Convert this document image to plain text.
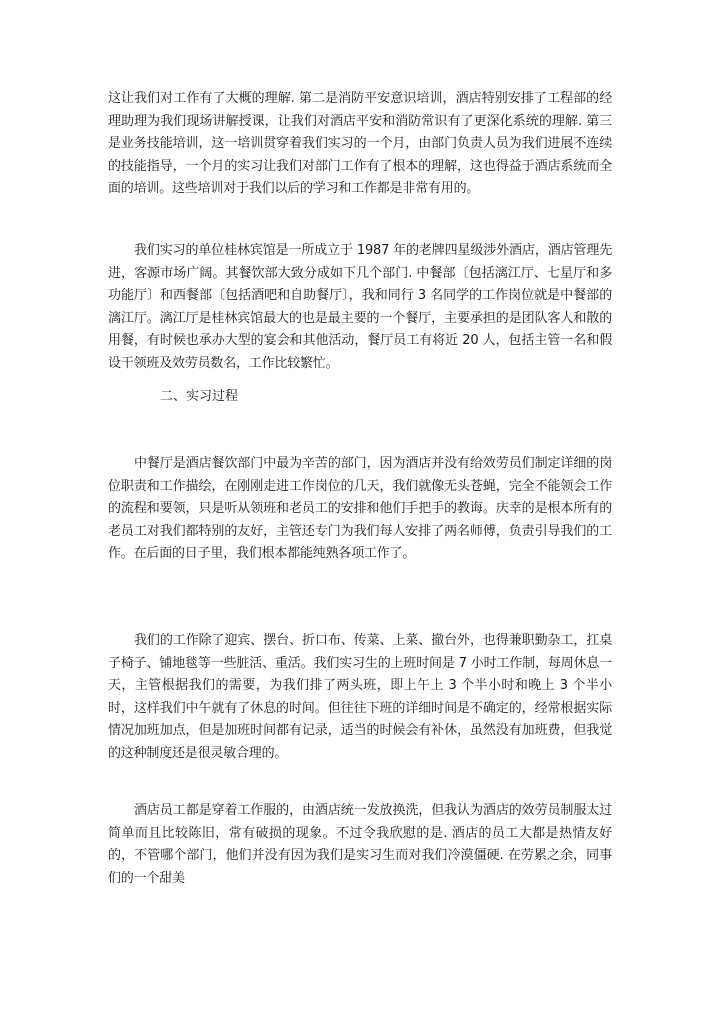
这让我们对工作有了大概的理解. 第二是消防平安意识培训，酒店特别安排了工程部的经理助理为我们现场讲解授课，让我们对酒店平安和消防常识有了更深化系统的理解. 第三是业务技能培训，这一培训贯穿着我们实习的一个月，由部门负责人员为我们进展不连续的技能指导，一个月的实习让我们对部门工作有了根本的理解，这也得益于酒店系统而全面的培训。这些培训对于我们以后的学习和工作都是非常有用的。

我们实习的单位桂林宾馆是一所成立于 1987 年的老牌四星级涉外酒店，酒店管理先进，客源市场广阔。其餐饮部大致分成如下几个部门. 中餐部〔包括漓江厅、七星厅和多功能厅〕和西餐部〔包括酒吧和自助餐厅〕，我和同行 3 名同学的工作岗位就是中餐部的漓江厅。漓江厅是桂林宾馆最大的也是最主要的一个餐厅，主要承担的是团队客人和散的用餐，有时候也承办大型的宴会和其他活动，餐厅员工有将近 20 人，包括主管一名和假设干领班及效劳员数名，工作比较繁忙。

二、实习过程

中餐厅是酒店餐饮部门中最为辛苦的部门，因为酒店并没有给效劳员们制定详细的岗位职责和工作描绘，在刚刚走进工作岗位的几天，我们就像无头苍蝇，完全不能领会工作的流程和要领，只是听从领班和老员工的安排和他们手把手的教诲。庆幸的是根本所有的老员工对我们都特别的友好，主管还专门为我们每人安排了两名师傅，负责引导我们的工作。在后面的日子里，我们根本都能纯熟各项工作了。

我们的工作除了迎宾、摆台、折口布、传菜、上菜、撤台外，也得兼职勤杂工，扛桌子椅子、铺地毯等一些脏活、重活。我们实习生的上班时间是 7 小时工作制，每周休息一天，主管根据我们的需要，为我们排了两头班，即上午上 3 个半小时和晚上 3 个半小时，这样我们中午就有了休息的时间。但往往下班的详细时间是不确定的，经常根据实际情况加班加点，但是加班时间都有记录，适当的时候会有补休，虽然没有加班费，但我觉的这种制度还是很灵敏合理的。

酒店员工都是穿着工作服的，由酒店统一发放换洗，但我认为酒店的效劳员制服太过简单而且比较陈旧，常有破损的现象。不过令我欣慰的是. 酒店的员工大都是热情友好的，不管哪个部门，他们并没有因为我们是实习生而对我们冷漠僵硬. 在劳累之余，同事们的一个甜美
